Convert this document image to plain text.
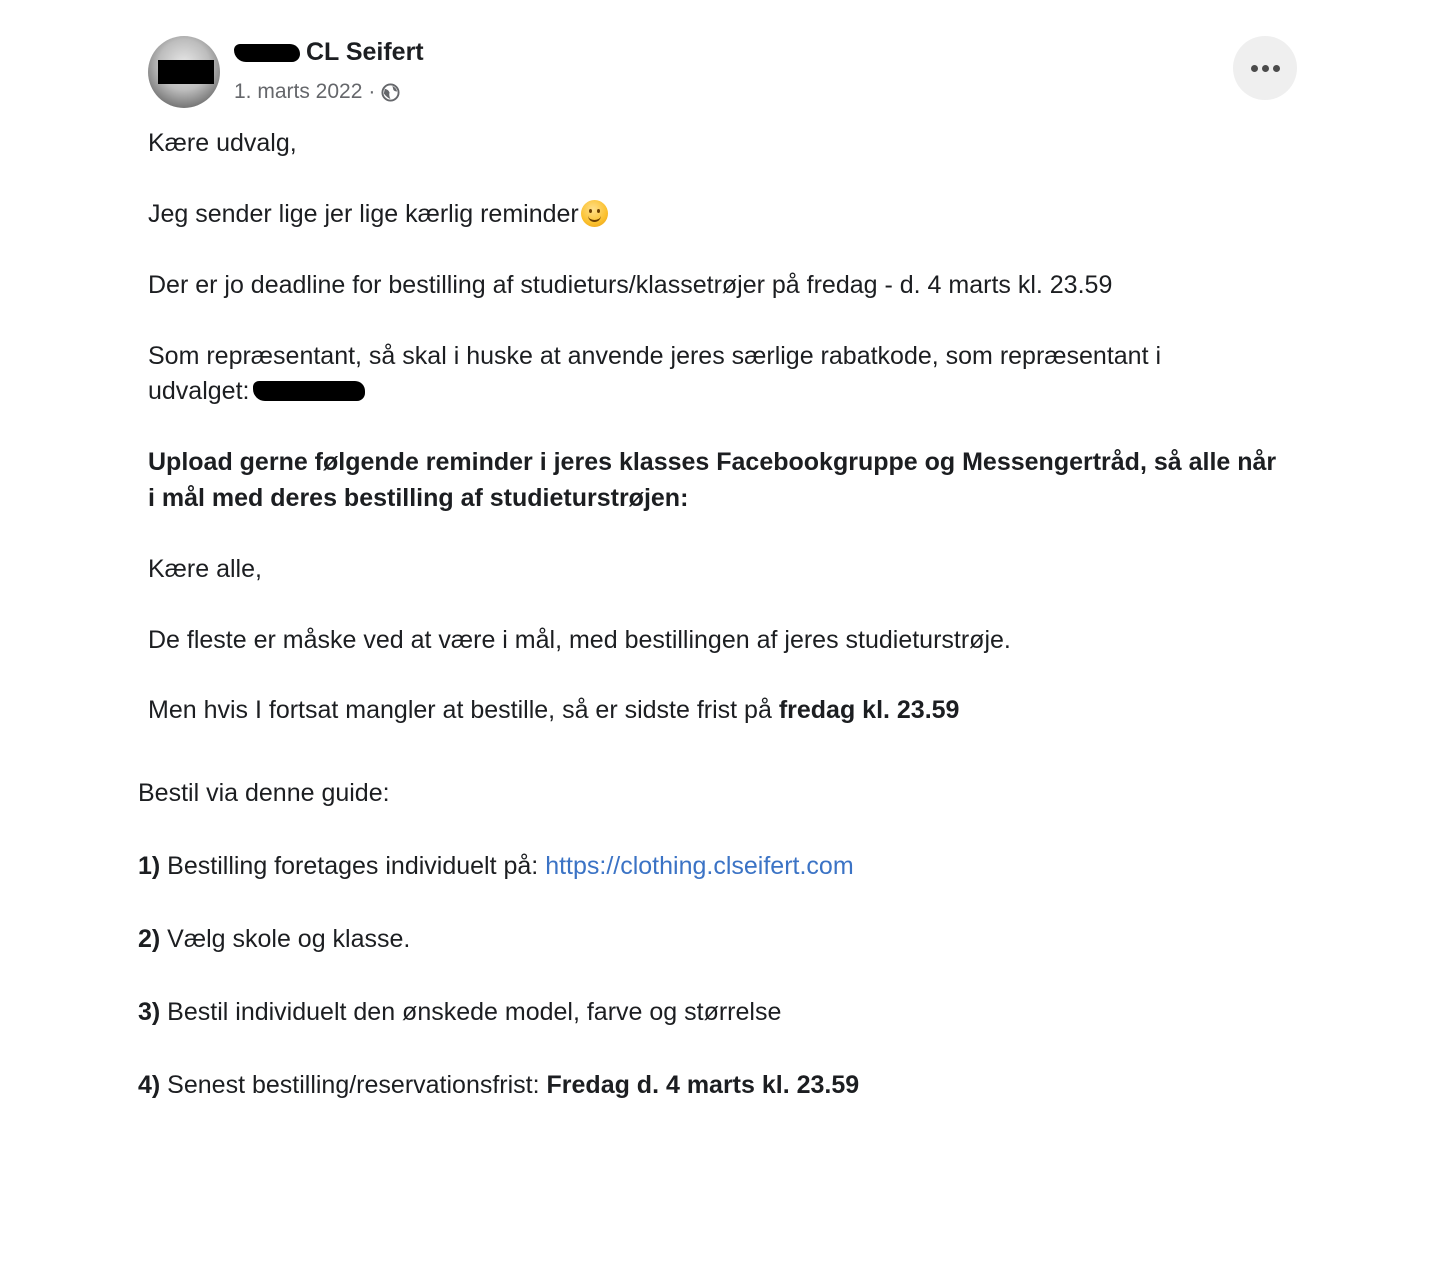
CL Seifert
1. marts 2022 ·
Kære udvalg,
Jeg sender lige jer lige kærlig reminder
Der er jo deadline for bestilling af studieturs/klassetrøjer på fredag - d. 4 marts kl. 23.59
Som repræsentant, så skal i huske at anvende jeres særlige rabatkode, som repræsentant i
udvalget:
Upload gerne følgende reminder i jeres klasses Facebookgruppe og Messengertråd, så alle når
i mål med deres bestilling af studieturstrøjen:
Kære alle,
De fleste er måske ved at være i mål, med bestillingen af jeres studieturstrøje.
Men hvis I fortsat mangler at bestille, så er sidste frist på fredag kl. 23.59
Bestil via denne guide:
1) Bestilling foretages individuelt på: https://clothing.clseifert.com
2) Vælg skole og klasse.
3) Bestil individuelt den ønskede model, farve og størrelse
4) Senest bestilling/reservationsfrist: Fredag d. 4 marts kl. 23.59
